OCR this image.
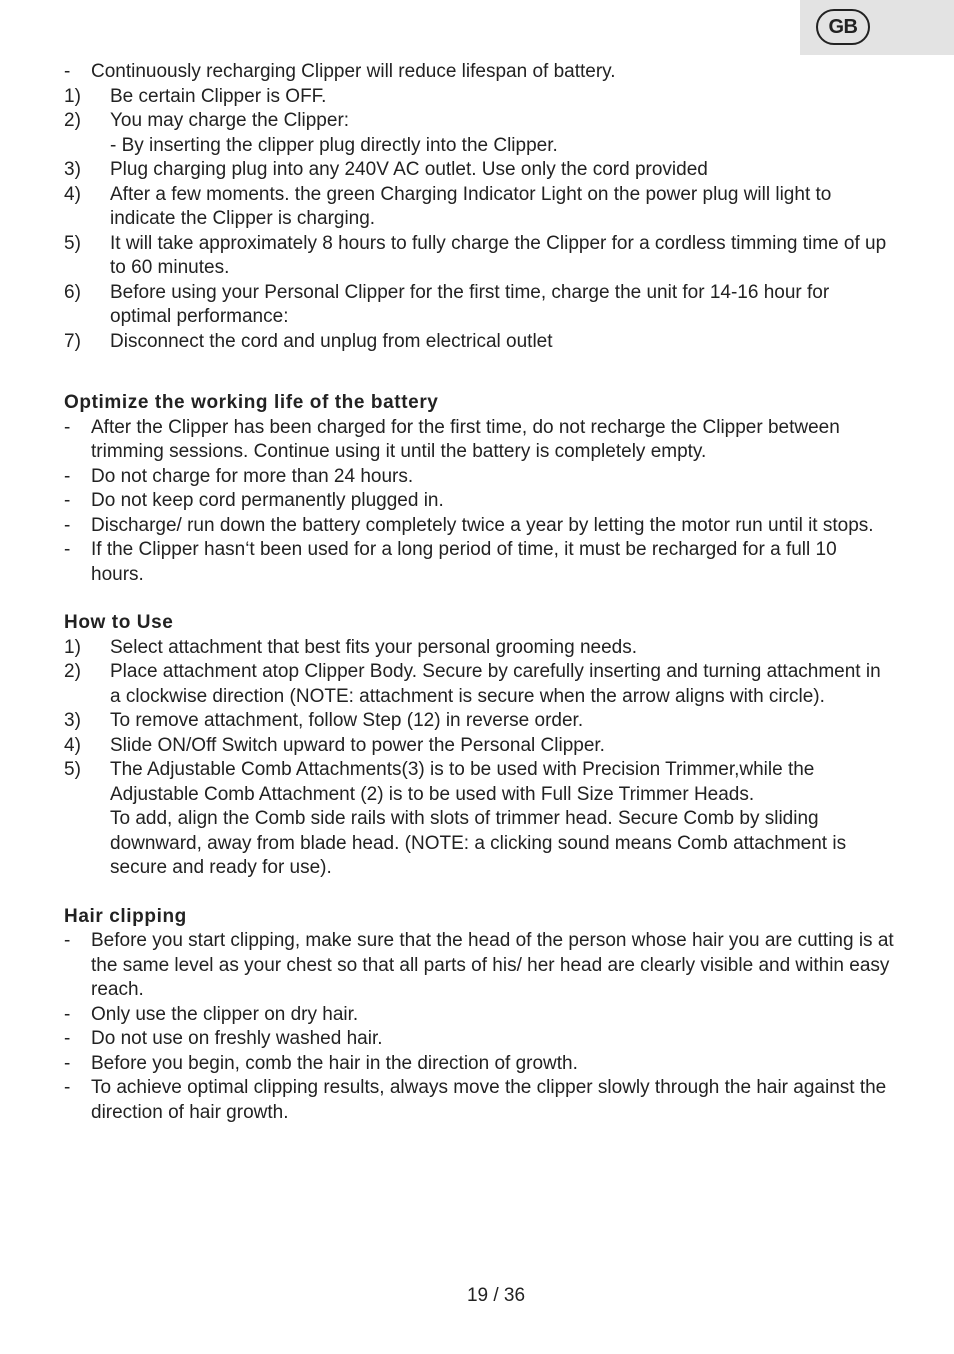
GB
-	Continuously recharging Clipper will reduce lifespan of battery.
1)	Be certain Clipper is OFF.
2)	You may charge the Clipper:
- By inserting the clipper plug directly into the Clipper.
3)	Plug charging plug into any 240V AC outlet. Use only the cord provided
4)	After a few moments. the green Charging Indicator Light on the power plug will light to indicate the Clipper is charging.
5)	It will take approximately 8 hours to fully charge the Clipper for a cordless timming time of up to 60 minutes.
6)	Before using your Personal Clipper for the first time, charge the unit for 14-16 hour for optimal performance:
7)	Disconnect the cord and unplug from electrical outlet
Optimize the working life of the battery
-	After the Clipper has been charged for the first time, do not recharge the Clipper between trimming sessions. Continue using it until the battery is completely empty.
-	Do not charge for more than 24 hours.
-	Do not keep cord permanently plugged in.
-	Discharge/ run down the battery completely twice a year by letting the motor run until it stops.
-	If the Clipper hasn‘t been used for a long period of time, it must be recharged for a full 10 hours.
How to Use
1)	Select attachment that best fits your personal grooming needs.
2)	Place attachment atop Clipper Body. Secure by carefully inserting and turning attachment in a clockwise direction (NOTE: attachment is secure when the arrow aligns with circle).
3)	To remove attachment, follow Step (12) in reverse order.
4)	Slide ON/Off Switch upward to power the Personal Clipper.
5)	The Adjustable Comb Attachments(3) is to be used with Precision Trimmer,while the Adjustable Comb Attachment (2) is to be used with Full Size Trimmer Heads.
To add, align the Comb side rails with slots of trimmer head. Secure Comb by sliding downward, away from blade head. (NOTE: a clicking sound means Comb attachment is secure and ready for use).
Hair clipping
-	Before you start clipping, make sure that the head of the person whose hair you are cutting is at the same level as your chest so that all parts of his/ her head are clearly visible and within easy reach.
-	Only use the clipper on dry hair.
-	Do not use on freshly washed hair.
-	Before you begin, comb the hair in the direction of growth.
-	To achieve optimal clipping results, always move the clipper slowly through the hair against the direction of hair growth.
19 / 36
